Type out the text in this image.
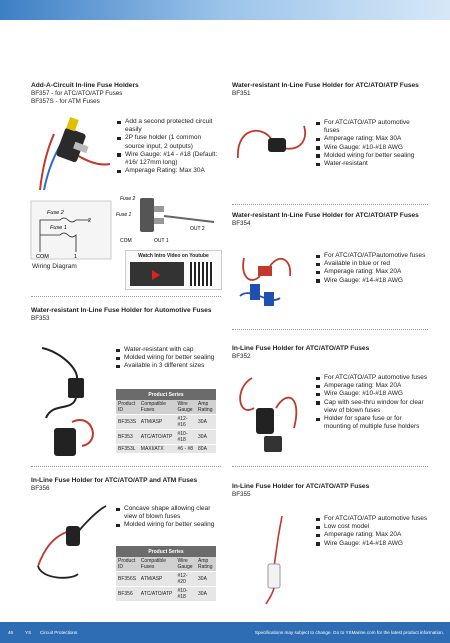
Add-A-Circuit In-line Fuse Holders

BF357 - for ATC/ATO/ATP Fuses
BF357S - for ATM Fuses
Add a second protected circuit easily
2P fuse holder (1 common source input, 2 outputs)
Wire Gauge: #14 - #18 (Default: #16/ 127mm long)
Amperage Rating: Max 30A
Fuse 2
Fuse 1
2
COM	1
Wiring Diagram
Fuse 2
Fuse 1
OUT 2
COM	OUT 1
Watch Intro Video on Youtube

Water-resistant In-Line Fuse Holder for ATC/ATO/ATP Fuses

BF351
For ATC/ATO/ATP automotive fuses
Amperage rating: Max 30A
Wire Gauge: #10-#18 AWG
Molded wiring for better sealing
Water-resistant

Water-resistant In-Line Fuse Holder for ATC/ATO/ATP Fuses

BF354
For ATC/ATO/ATPautomotive fuses
Available in blue or red
Amperage rating: Max 20A
Wire Gauge: #14-#18 AWG

Water-resistant In-Line Fuse Holder for Automotive Fuses

BF353
Water-resistant with cap
Molded wiring for better sealing
Available in 3 different sizes
Product Series			
Product ID	Compatible Fuses	Wire Gauge	Amp Rating
BF353S	ATM/ASP	#12-#16	30A
BF353	ATC/ATO/ATP	#10-#18	30A
BF353L	MAXI/ATX	#6 - #8	80A

In-Line Fuse Holder for ATC/ATO/ATP Fuses

BF352
For ATC/ATO/ATP automotive fuses
Amperage rating: Max 20A
Wire Gauge: #10-#18 AWG
Cap with see-thru window for clear view of blown fuses
Holder for spare fuse or for mounting of multiple fuse holders

In-Line Fuse Holder for ATC/ATO/ATP and ATM Fuses

BF356
Concave shape allowing clear view of blown fuses
Molded wiring for better sealing
Product Series			
Product ID	Compatible Fuses	Wire Gauge	Amp Rating
BF356S	ATM/ASP	#12-#20	30A
BF356	ATC/ATO/ATP	#10-#18	30A

In-Line Fuse Holder for ATC/ATO/ATP Fuses

BF355
For ATC/ATO/ATP automotive fuses
Low cost model
Amperage rating: Max 20A
Wire Gauge: #14-#18 AWG
46	YS Circuit Protections	Specifications may subject to change. Go to YSMarine.com for the latest product information.
